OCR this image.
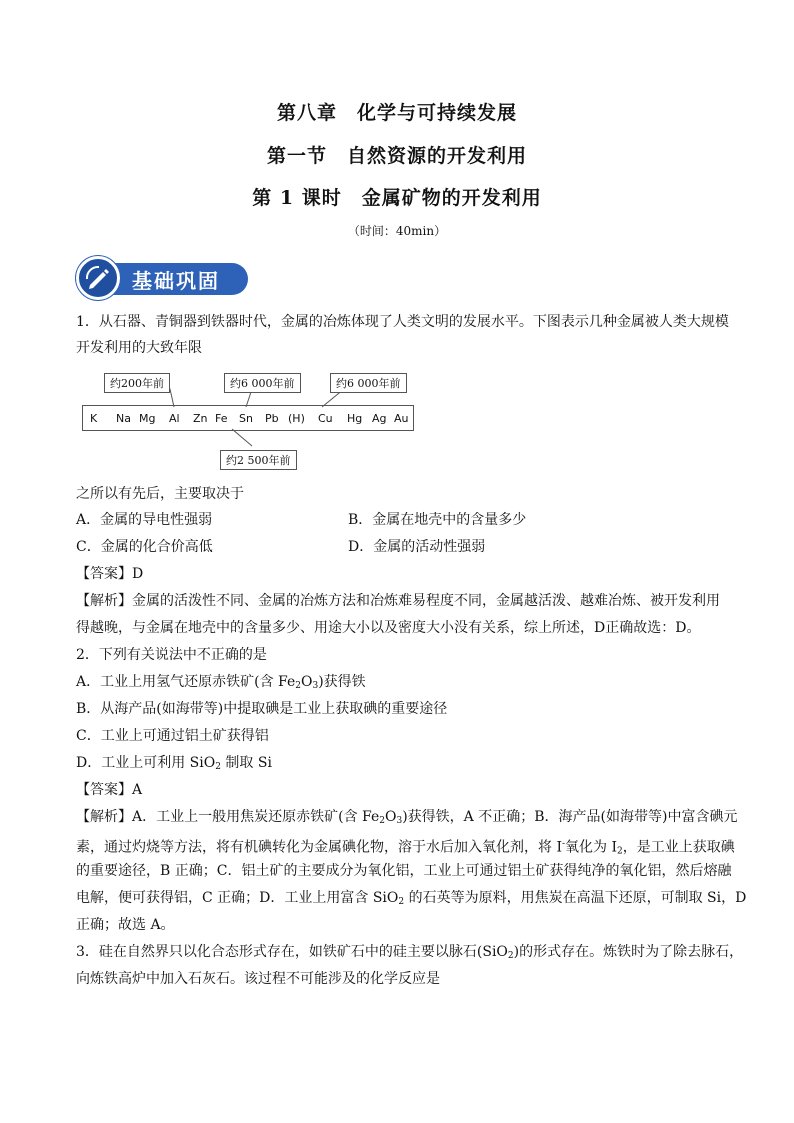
第八章　化学与可持续发展
第一节　自然资源的开发利用
第 1 课时　金属矿物的开发利用
（时间：40min）
基础巩固
1．从石器、青铜器到铁器时代，金属的冶炼体现了人类文明的发展水平。下图表示几种金属被人类大规模
开发利用的大致年限
K Na Mg Al Zn Fe Sn Pb (H) Cu Hg Ag Au
约200年前	约6 000年前	约6 000年前
约2 500年前
之所以有先后，主要取决于
A．金属的导电性强弱	B．金属在地壳中的含量多少
C．金属的化合价高低	D．金属的活动性强弱
【答案】D
【解析】金属的活泼性不同、金属的冶炼方法和冶炼难易程度不同，金属越活泼、越难冶炼、被开发利用
得越晚，与金属在地壳中的含量多少、用途大小以及密度大小没有关系，综上所述，D正确故选：D。
2．下列有关说法中不正确的是
A．工业上用氢气还原赤铁矿(含 $Fe_2O_3$)获得铁
B．从海产品(如海带等)中提取碘是工业上获取碘的重要途径
C．工业上可通过铝土矿获得铝
D．工业上可利用 SiO$_2$ 制取 Si
【答案】A
【解析】A．工业上一般用焦炭还原赤铁矿(含 $Fe_2O_3$)获得铁，A 不正确；B．海产品(如海带等)中富含碘元
素，通过灼烧等方法，将有机碘转化为金属碘化物，溶于水后加入氧化剂，将 I-氧化为 $I_2$，是工业上获取碘
的重要途径，B 正确；C．铝土矿的主要成分为氧化铝，工业上可通过铝土矿获得纯净的氧化铝，然后熔融
电解，便可获得铝，C 正确；D．工业上用富含 SiO$_2$ 的石英等为原料，用焦炭在高温下还原，可制取 Si，D
正确；故选 A。
3．硅在自然界只以化合态形式存在，如铁矿石中的硅主要以脉石(SiO$_2$)的形式存在。炼铁时为了除去脉石，
向炼铁高炉中加入石灰石。该过程不可能涉及的化学反应是
